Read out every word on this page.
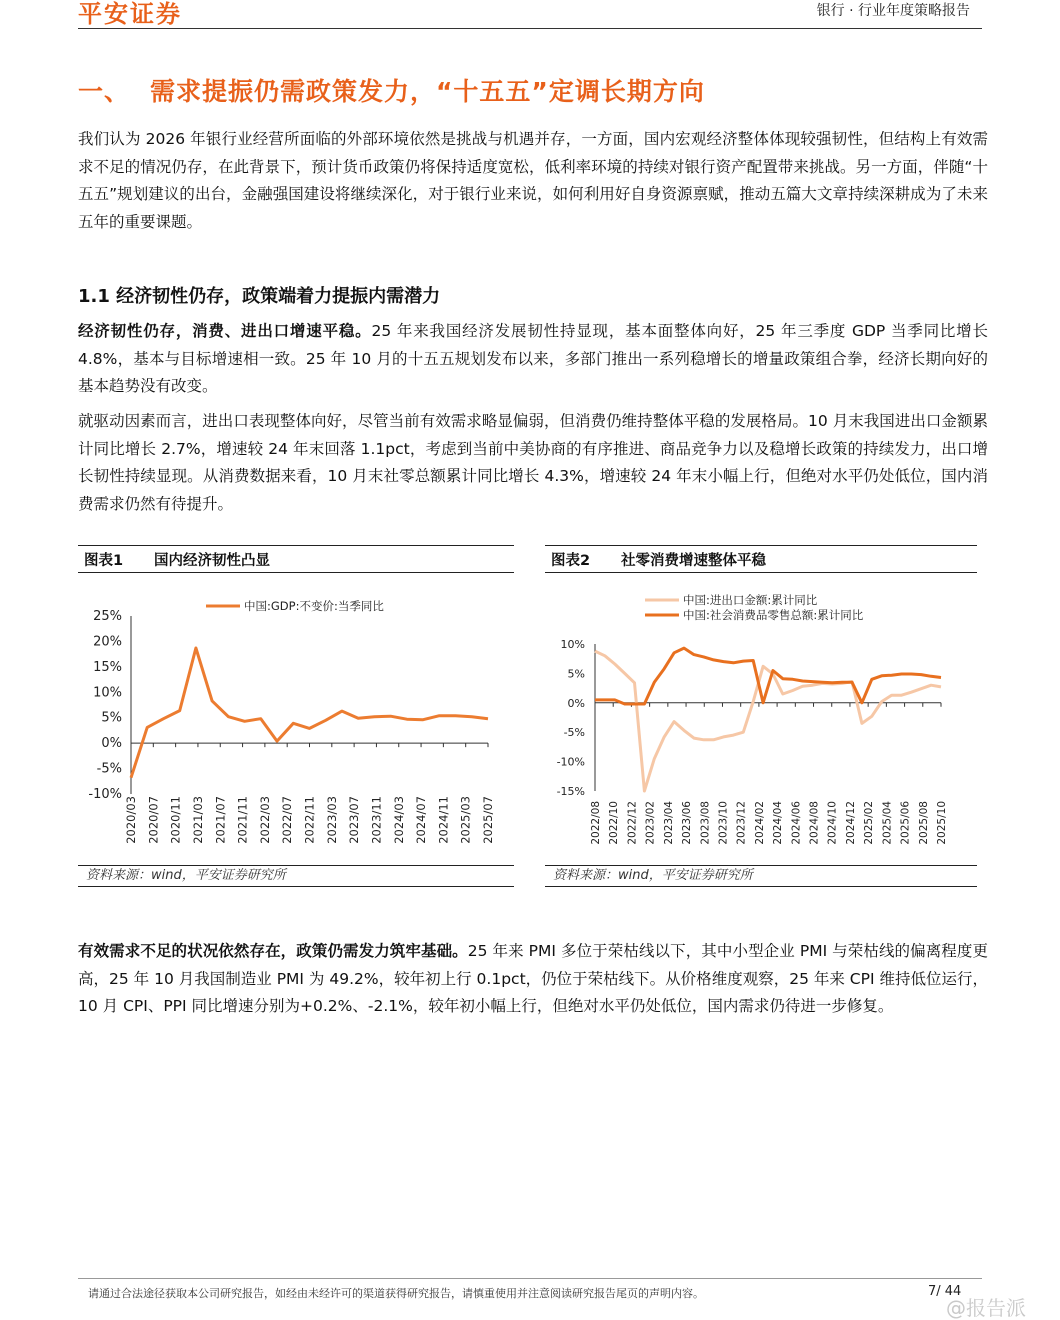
平安证券	银行 · 行业年度策略报告
一、 需求提振仍需政策发力，“十五五”定调长期方向
我们认为 2026 年银行业经营所面临的外部环境依然是挑战与机遇并存，一方面，国内宏观经济整体体现较强韧性，但结构上有效需求不足的情况仍存，在此背景下，预计货币政策仍将保持适度宽松，低利率环境的持续对银行资产配置带来挑战。另一方面，伴随“十五五”规划建议的出台，金融强国建设将继续深化，对于银行业来说，如何利用好自身资源禀赋，推动五篇大文章持续深耕成为了未来五年的重要课题。
1.1 经济韧性仍存，政策端着力提振内需潜力
经济韧性仍存，消费、进出口增速平稳。25 年来我国经济发展韧性持显现，基本面整体向好，25 年三季度 GDP 当季同比增长 4.8%，基本与目标增速相一致。25 年 10 月的十五五规划发布以来，多部门推出一系列稳增长的增量政策组合拳，经济长期向好的基本趋势没有改变。
就驱动因素而言，进出口表现整体向好，尽管当前有效需求略显偏弱，但消费仍维持整体平稳的发展格局。10 月末我国进出口金额累计同比增长 2.7%，增速较 24 年末回落 1.1pct，考虑到当前中美协商的有序推进、商品竞争力以及稳增长政策的持续发力，出口增长韧性持续显现。从消费数据来看，10 月末社零总额累计同比增长 4.3%，增速较 24 年末小幅上行，但绝对水平仍处低位，国内消费需求仍然有待提升。
图表1	国内经济韧性凸显
25%
20%
15%
10%
5%
0%
-5%
-10%
2020/03 2020/07 2020/11 2021/03 2021/07 2021/11 2022/03 2022/07 2022/11 2023/03 2023/07 2023/11 2024/03 2024/07 2024/11 2025/03 2025/07
中国:GDP:不变价:当季同比
资料来源：wind，平安证券研究所
图表2	社零消费增速整体平稳
10%
5%
0%
-5%
-10%
-15%
2022/08 2022/10 2022/12 2023/02 2023/04 2023/06 2023/08 2023/10 2023/12 2024/02 2024/04 2024/06 2024/08 2024/10 2024/12 2025/02 2025/04 2025/06 2025/08 2025/10
中国:进出口金额:累计同比
中国:社会消费品零售总额:累计同比
资料来源：wind，平安证券研究所
有效需求不足的状况依然存在，政策仍需发力筑牢基础。25 年来 PMI 多位于荣枯线以下，其中小型企业 PMI 与荣枯线的偏离程度更高，25 年 10 月我国制造业 PMI 为 49.2%，较年初上行 0.1pct，仍位于荣枯线下。从价格维度观察，25 年来 CPI 维持低位运行，10 月 CPI、PPI 同比增速分别为+0.2%、-2.1%，较年初小幅上行，但绝对水平仍处低位，国内需求仍待进一步修复。
请通过合法途径获取本公司研究报告，如经由未经许可的渠道获得研究报告，请慎重使用并注意阅读研究报告尾页的声明内容。	7/ 44
@报告派
